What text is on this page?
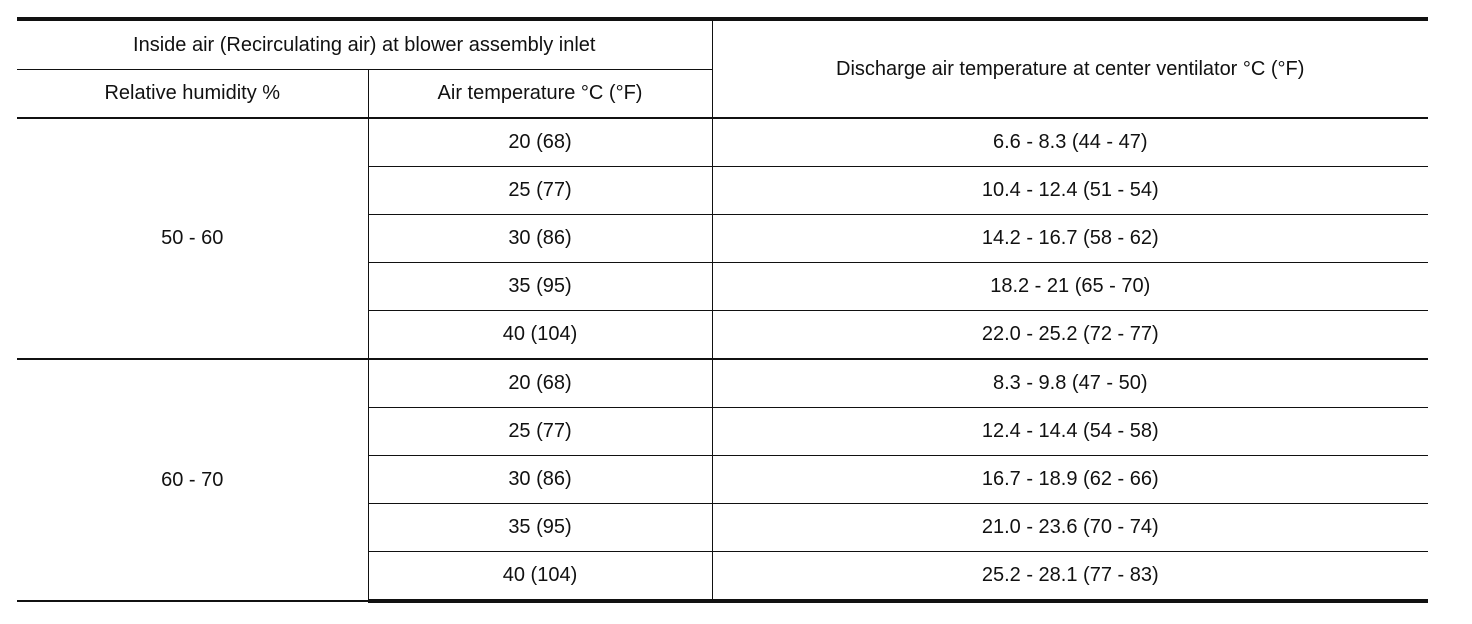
Inside air (Recirculating air) at blower assembly inlet		Discharge air temperature at center ventilator °C (°F)
Relative humidity %	Air temperature °C (°F)	
50 - 60	20 (68)	6.6 - 8.3 (44 - 47)
	25 (77)	10.4 - 12.4 (51 - 54)
	30 (86)	14.2 - 16.7 (58 - 62)
	35 (95)	18.2 - 21 (65 - 70)
	40 (104)	22.0 - 25.2 (72 - 77)
60 - 70	20 (68)	8.3 - 9.8 (47 - 50)
	25 (77)	12.4 - 14.4 (54 - 58)
	30 (86)	16.7 - 18.9 (62 - 66)
	35 (95)	21.0 - 23.6 (70 - 74)
	40 (104)	25.2 - 28.1 (77 - 83)
